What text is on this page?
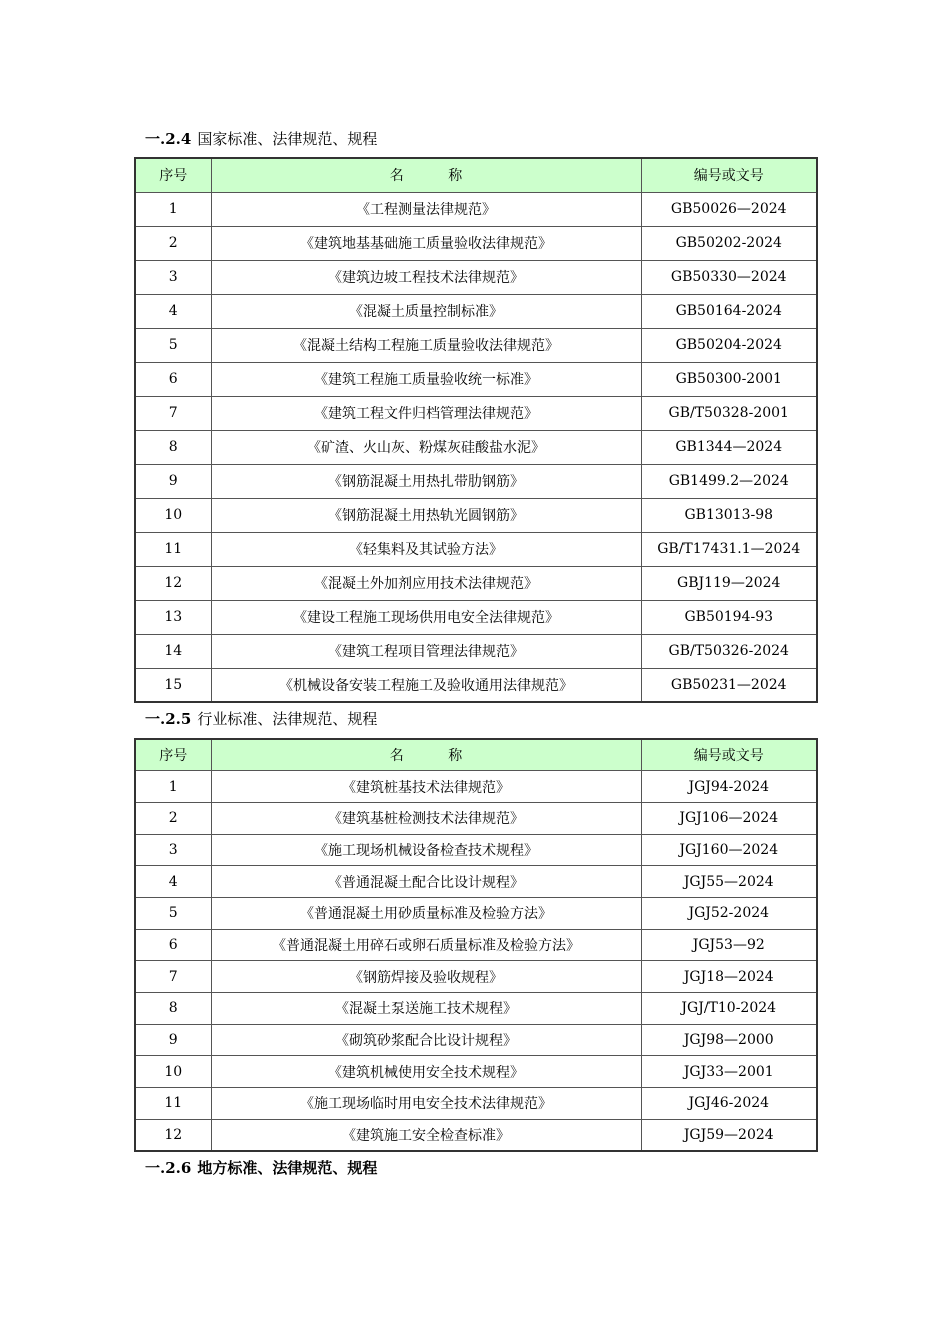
一.2.4 国家标准、法律规范、规程
序号	名          称	编号或文号
1	《工程测量法律规范》	GB50026—2024
2	《建筑地基基础施工质量验收法律规范》	GB50202-2024
3	《建筑边坡工程技术法律规范》	GB50330—2024
4	《混凝土质量控制标准》	GB50164-2024
5	《混凝土结构工程施工质量验收法律规范》	GB50204-2024
6	《建筑工程施工质量验收统一标准》	GB50300-2001
7	《建筑工程文件归档管理法律规范》	GB/T50328-2001
8	《矿渣、火山灰、粉煤灰硅酸盐水泥》	GB1344—2024
9	《钢筋混凝土用热扎带肋钢筋》	GB1499.2—2024
10	《钢筋混凝土用热轨光圆钢筋》	GB13013-98
11	《轻集料及其试验方法》	GB/T17431.1—2024
12	《混凝土外加剂应用技术法律规范》	GBJ119—2024
13	《建设工程施工现场供用电安全法律规范》	GB50194-93
14	《建筑工程项目管理法律规范》	GB/T50326-2024
15	《机械设备安装工程施工及验收通用法律规范》	GB50231—2024
一.2.5 行业标准、法律规范、规程
序号	名          称	编号或文号
1	《建筑桩基技术法律规范》	JGJ94-2024
2	《建筑基桩检测技术法律规范》	JGJ106—2024
3	《施工现场机械设备检查技术规程》	JGJ160—2024
4	《普通混凝土配合比设计规程》	JGJ55—2024
5	《普通混凝土用砂质量标准及检验方法》	JGJ52-2024
6	《普通混凝土用碎石或卵石质量标准及检验方法》	JGJ53—92
7	《钢筋焊接及验收规程》	JGJ18—2024
8	《混凝土泵送施工技术规程》	JGJ/T10-2024
9	《砌筑砂浆配合比设计规程》	JGJ98—2000
10	《建筑机械使用安全技术规程》	JGJ33—2001
11	《施工现场临时用电安全技术法律规范》	JGJ46-2024
12	《建筑施工安全检查标准》	JGJ59—2024
一.2.6 地方标准、法律规范、规程
